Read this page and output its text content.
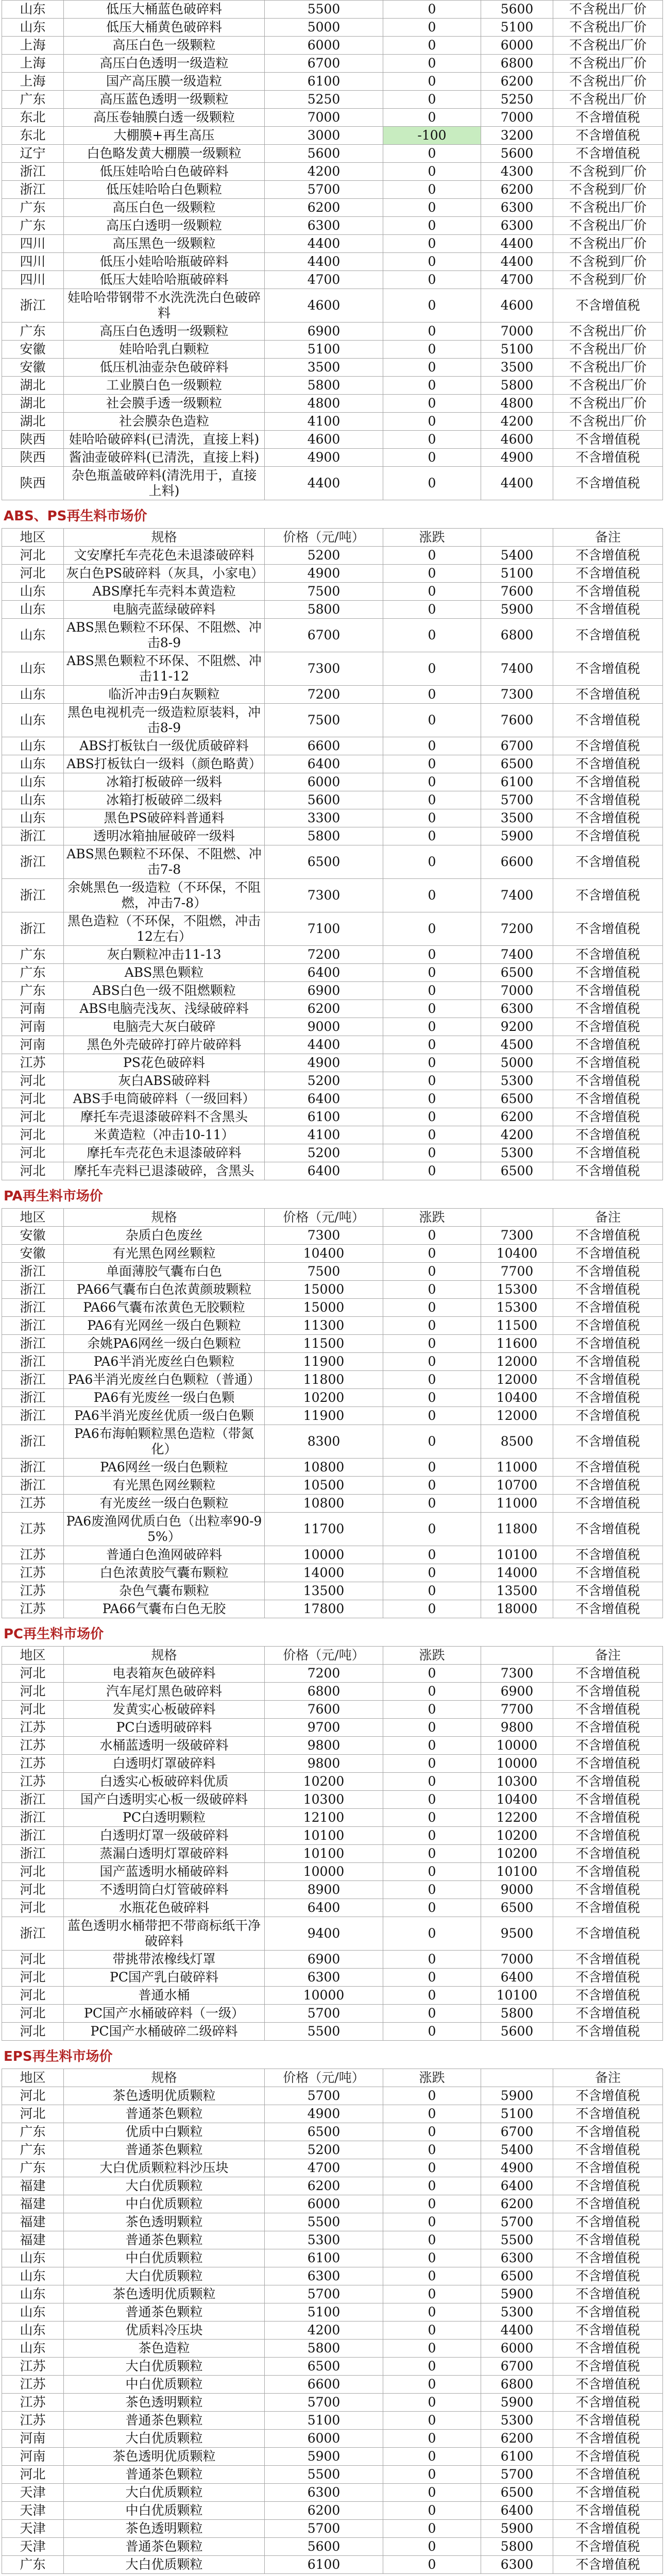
山东	低压大桶蓝色破碎料	5500	0	5600	不含税出厂价
山东	低压大桶黄色破碎料	5000	0	5100	不含税出厂价
上海	高压白色一级颗粒	6000	0	6000	不含税出厂价
上海	高压白色透明一级造粒	6700	0	6800	不含税出厂价
上海	国产高压膜一级造粒	6100	0	6200	不含税出厂价
广东	高压蓝色透明一级颗粒	5250	0	5250	不含税出厂价
东北	高压卷轴膜白透一级颗粒	7000	0	7000	不含增值税
东北	大棚膜+再生高压	3000	-100	3200	不含增值税
辽宁	白色略发黄大棚膜一级颗粒	5600	0	5600	不含增值税
浙江	低压娃哈哈白色破碎料	4200	0	4300	不含税到厂价
浙江	低压娃哈哈白色颗粒	5700	0	6200	不含税到厂价
广东	高压白色一级颗粒	6200	0	6300	不含税出厂价
广东	高压白透明一级颗粒	6300	0	6300	不含税出厂价
四川	高压黑色一级颗粒	4400	0	4400	不含税出厂价
四川	低压小娃哈哈瓶破碎料	4400	0	4400	不含税到厂价
四川	低压大娃哈哈瓶破碎料	4700	0	4700	不含税到厂价
浙江	娃哈哈带钢带不水洗洗洗白色破碎料	4600	0	4600	不含增值税
广东	高压白色透明一级颗粒	6900	0	7000	不含税出厂价
安徽	娃哈哈乳白颗粒	5100	0	5100	不含税出厂价
安徽	低压机油壶杂色破碎料	3500	0	3500	不含税出厂价
湖北	工业膜白色一级颗粒	5800	0	5800	不含税出厂价
湖北	社会膜手透一级颗粒	4800	0	4800	不含税出厂价
湖北	社会膜杂色造粒	4100	0	4200	不含税出厂价
陕西	娃哈哈破碎料(已清洗，直接上料)	4600	0	4600	不含增值税
陕西	酱油壶破碎料(已清洗，直接上料)	4900	0	4900	不含增值税
陕西	杂色瓶盖破碎料(清洗用于，直接上料)	4400	0	4400	不含增值税
ABS、PS再生料市场价
地区	规格	价格（元/吨）	涨跌		备注
河北	文安摩托车壳花色未退漆破碎料	5200	0	5400	不含增值税
河北	灰白色PS破碎料（灰具，小家电）	4900	0	5100	不含增值税
山东	ABS摩托车壳料本黄造粒	7500	0	7600	不含增值税
山东	电脑壳蓝绿破碎料	5800	0	5900	不含增值税
山东	ABS黑色颗粒不环保、不阻燃、冲击8-9	6700	0	6800	不含增值税
山东	ABS黑色颗粒不环保、不阻燃、冲击11-12	7300	0	7400	不含增值税
山东	临沂冲击9白灰颗粒	7200	0	7300	不含增值税
山东	黑色电视机壳一级造粒原装料，冲击8-9	7500	0	7600	不含增值税
山东	ABS打板钛白一级优质破碎料	6600	0	6700	不含增值税
山东	ABS打板钛白一级料（颜色略黄）	6400	0	6500	不含增值税
山东	冰箱打板破碎一级料	6000	0	6100	不含增值税
山东	冰箱打板破碎二级料	5600	0	5700	不含增值税
山东	黑色PS破碎料普通料	3300	0	3500	不含增值税
浙江	透明冰箱抽屉破碎一级料	5800	0	5900	不含增值税
浙江	ABS黑色颗粒不环保、不阻燃、冲击7-8	6500	0	6600	不含增值税
浙江	余姚黑色一级造粒（不环保，不阻燃，冲击7-8）	7300	0	7400	不含增值税
浙江	黑色造粒（不环保，不阻燃，冲击12左右）	7100	0	7200	不含增值税
广东	灰白颗粒冲击11-13	7200	0	7400	不含增值税
广东	ABS黑色颗粒	6400	0	6500	不含增值税
广东	ABS白色一级不阻燃颗粒	6900	0	7000	不含增值税
河南	ABS电脑壳浅灰、浅绿破碎料	6200	0	6300	不含增值税
河南	电脑壳大灰白破碎	9000	0	9200	不含增值税
河南	黑色外壳破碎打碎片破碎料	4400	0	4500	不含增值税
江苏	PS花色破碎料	4900	0	5000	不含增值税
河北	灰白ABS破碎料	5200	0	5300	不含增值税
河北	ABS手电筒破碎料（一级回料）	6400	0	6500	不含增值税
河北	摩托车壳退漆破碎料不含黑头	6100	0	6200	不含增值税
河北	米黄造粒（冲击10-11）	4100	0	4200	不含增值税
河北	摩托车壳花色未退漆破碎料	5200	0	5300	不含增值税
河北	摩托车壳料已退漆破碎，含黑头	6400	0	6500	不含增值税
PA再生料市场价
地区	规格	价格（元/吨）	涨跌		备注
安徽	杂质白色废丝	7300	0	7300	不含增值税
安徽	有光黑色网丝颗粒	10400	0	10400	不含增值税
浙江	单面薄胶气囊布白色	7500	0	7700	不含增值税
浙江	PA66气囊布白色浓黄颜玻颗粒	15000	0	15300	不含增值税
浙江	PA66气囊布浓黄色无胶颗粒	15000	0	15300	不含增值税
浙江	PA6有光网丝一级白色颗粒	11300	0	11500	不含增值税
浙江	余姚PA6网丝一级白色颗粒	11500	0	11600	不含增值税
浙江	PA6半消光废丝白色颗粒	11900	0	12000	不含增值税
浙江	PA6半消光废丝白色颗粒（普通）	11800	0	12000	不含增值税
浙江	PA6有光废丝一级白色颗	10200	0	10400	不含增值税
浙江	PA6半消光废丝优质一级白色颗	11900	0	12000	不含增值税
浙江	PA6布海帕颗粒黑色造粒（带氮化）	8300	0	8500	不含增值税
浙江	PA6网丝一级白色颗粒	10800	0	11000	不含增值税
浙江	有光黑色网丝颗粒	10500	0	10700	不含增值税
江苏	有光废丝一级白色颗粒	10800	0	11000	不含增值税
江苏	PA6废渔网优质白色（出粒率90-95%）	11700	0	11800	不含增值税
江苏	普通白色渔网破碎料	10000	0	10100	不含增值税
江苏	白色浓黄胶气囊布颗粒	14000	0	14000	不含增值税
江苏	杂色气囊布颗粒	13500	0	13500	不含增值税
江苏	PA66气囊布白色无胶	17800	0	18000	不含增值税
PC再生料市场价
地区	规格	价格（元/吨）	涨跌		备注
河北	电表箱灰色破碎料	7200	0	7300	不含增值税
河北	汽车尾灯黑色破碎料	6800	0	6900	不含增值税
河北	发黄实心板破碎料	7600	0	7700	不含增值税
江苏	PC白透明破碎料	9700	0	9800	不含增值税
江苏	水桶蓝透明一级破碎料	9800	0	10000	不含增值税
江苏	白透明灯罩破碎料	9800	0	10000	不含增值税
江苏	白透实心板破碎料优质	10200	0	10300	不含增值税
浙江	国产白透明实心板一级破碎料	10300	0	10400	不含增值税
浙江	PC白透明颗粒	12100	0	12200	不含增值税
浙江	白透明灯罩一级破碎料	10100	0	10200	不含增值税
浙江	蒸漏白透明灯罩破碎料	10100	0	10200	不含增值税
河北	国产蓝透明水桶破碎料	10000	0	10100	不含增值税
河北	不透明筒白灯管破碎料	8900	0	9000	不含增值税
河北	水瓶花色破碎料	6400	0	6500	不含增值税
浙江	蓝色透明水桶带把不带商标纸干净破碎料	9400	0	9500	不含增值税
河北	带挑带浓橡线灯罩	6900	0	7000	不含增值税
河北	PC国产乳白破碎料	6300	0	6400	不含增值税
河北	普通水桶	10000	0	10100	不含增值税
河北	PC国产水桶破碎料（一级）	5700	0	5800	不含增值税
河北	PC国产水桶破碎二级碎料	5500	0	5600	不含增值税
EPS再生料市场价
地区	规格	价格（元/吨）	涨跌		备注
河北	茶色透明优质颗粒	5700	0	5900	不含增值税
河北	普通茶色颗粒	4900	0	5100	不含增值税
广东	优质中白颗粒	6500	0	6700	不含增值税
广东	普通茶色颗粒	5200	0	5400	不含增值税
广东	大白优质颗粒料沙压块	4700	0	4900	不含增值税
福建	大白优质颗粒	6200	0	6400	不含增值税
福建	中白优质颗粒	6000	0	6200	不含增值税
福建	茶色透明颗粒	5500	0	5700	不含增值税
福建	普通茶色颗粒	5300	0	5500	不含增值税
山东	中白优质颗粒	6100	0	6300	不含增值税
山东	大白优质颗粒	6300	0	6500	不含增值税
山东	茶色透明优质颗粒	5700	0	5900	不含增值税
山东	普通茶色颗粒	5100	0	5300	不含增值税
山东	优质料冷压块	4200	0	4400	不含增值税
山东	茶色造粒	5800	0	6000	不含增值税
江苏	大白优质颗粒	6500	0	6700	不含增值税
江苏	中白优质颗粒	6600	0	6800	不含增值税
江苏	茶色透明颗粒	5700	0	5900	不含增值税
江苏	普通茶色颗粒	5100	0	5300	不含增值税
河南	大白优质颗粒	6000	0	6200	不含增值税
河南	茶色透明优质颗粒	5900	0	6100	不含增值税
河北	普通茶色颗粒	5500	0	5700	不含增值税
天津	大白优质颗粒	6300	0	6500	不含增值税
天津	中白优质颗粒	6200	0	6400	不含增值税
天津	茶色透明颗粒	5700	0	5900	不含增值税
天津	普通茶色颗粒	5600	0	5800	不含增值税
广东	大白优质颗粒	6100	0	6300	不含增值税
